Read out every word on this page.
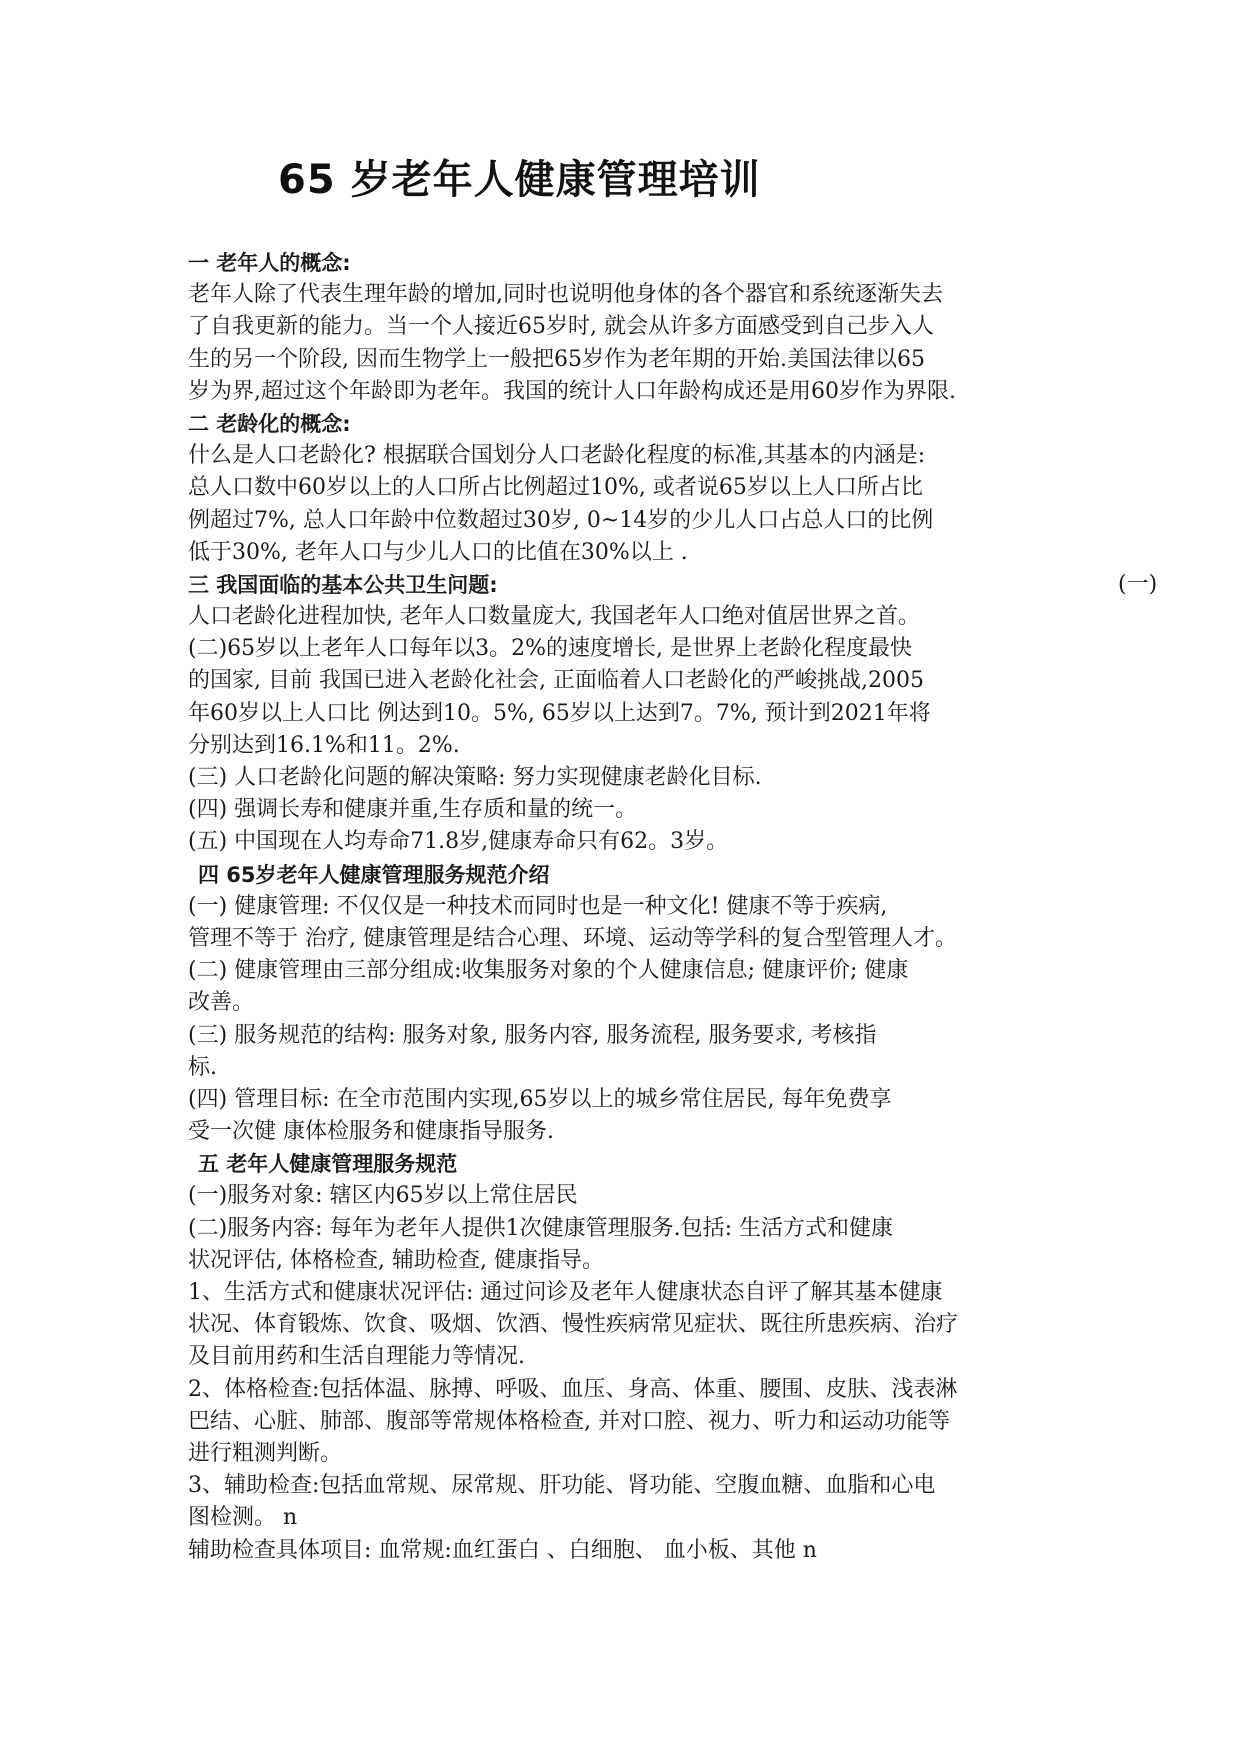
65 岁老年人健康管理培训
(一)
一 老年人的概念:
老年人除了代表生理年龄的增加,同时也说明他身体的各个器官和系统逐渐失去
了自我更新的能力。当一个人接近65岁时, 就会从许多方面感受到自己步入人
生的另一个阶段, 因而生物学上一般把65岁作为老年期的开始.美国法律以65
岁为界,超过这个年龄即为老年。我国的统计人口年龄构成还是用60岁作为界限.
二 老龄化的概念:
什么是人口老龄化? 根据联合国划分人口老龄化程度的标准,其基本的内涵是:
总人口数中60岁以上的人口所占比例超过10%, 或者说65岁以上人口所占比
例超过7%, 总人口年龄中位数超过30岁, 0~14岁的少儿人口占总人口的比例
低于30%, 老年人口与少儿人口的比值在30%以上 .
三 我国面临的基本公共卫生问题:
人口老龄化进程加快, 老年人口数量庞大, 我国老年人口绝对值居世界之首。
(二)65岁以上老年人口每年以3。2%的速度增长, 是世界上老龄化程度最快
的国家, 目前 我国已进入老龄化社会, 正面临着人口老龄化的严峻挑战,2005
年60岁以上人口比 例达到10。5%, 65岁以上达到7。7%, 预计到2021年将
分别达到16.1%和11。2%.
(三) 人口老龄化问题的解决策略: 努力实现健康老龄化目标.
(四) 强调长寿和健康并重,生存质和量的统一。
(五) 中国现在人均寿命71.8岁,健康寿命只有62。3岁。
四 65岁老年人健康管理服务规范介绍
(一) 健康管理: 不仅仅是一种技术而同时也是一种文化! 健康不等于疾病,
管理不等于 治疗, 健康管理是结合心理、环境、运动等学科的复合型管理人才。
(二) 健康管理由三部分组成:收集服务对象的个人健康信息; 健康评价; 健康
改善。
(三) 服务规范的结构: 服务对象, 服务内容, 服务流程, 服务要求, 考核指
标.
(四) 管理目标: 在全市范围内实现,65岁以上的城乡常住居民, 每年免费享
受一次健 康体检服务和健康指导服务.
五 老年人健康管理服务规范
(一)服务对象: 辖区内65岁以上常住居民
(二)服务内容: 每年为老年人提供1次健康管理服务.包括: 生活方式和健康
状况评估, 体格检查, 辅助检查, 健康指导。
1、生活方式和健康状况评估: 通过问诊及老年人健康状态自评了解其基本健康
状况、体育锻炼、饮食、吸烟、饮酒、慢性疾病常见症状、既往所患疾病、治疗
及目前用药和生活自理能力等情况.
2、体格检查:包括体温、脉搏、呼吸、血压、身高、体重、腰围、皮肤、浅表淋
巴结、心脏、肺部、腹部等常规体格检查, 并对口腔、视力、听力和运动功能等
进行粗测判断。
3、辅助检查:包括血常规、尿常规、肝功能、肾功能、空腹血糖、血脂和心电
图检测。 n
辅助检查具体项目: 血常规:血红蛋白 、白细胞、 血小板、其他 n
